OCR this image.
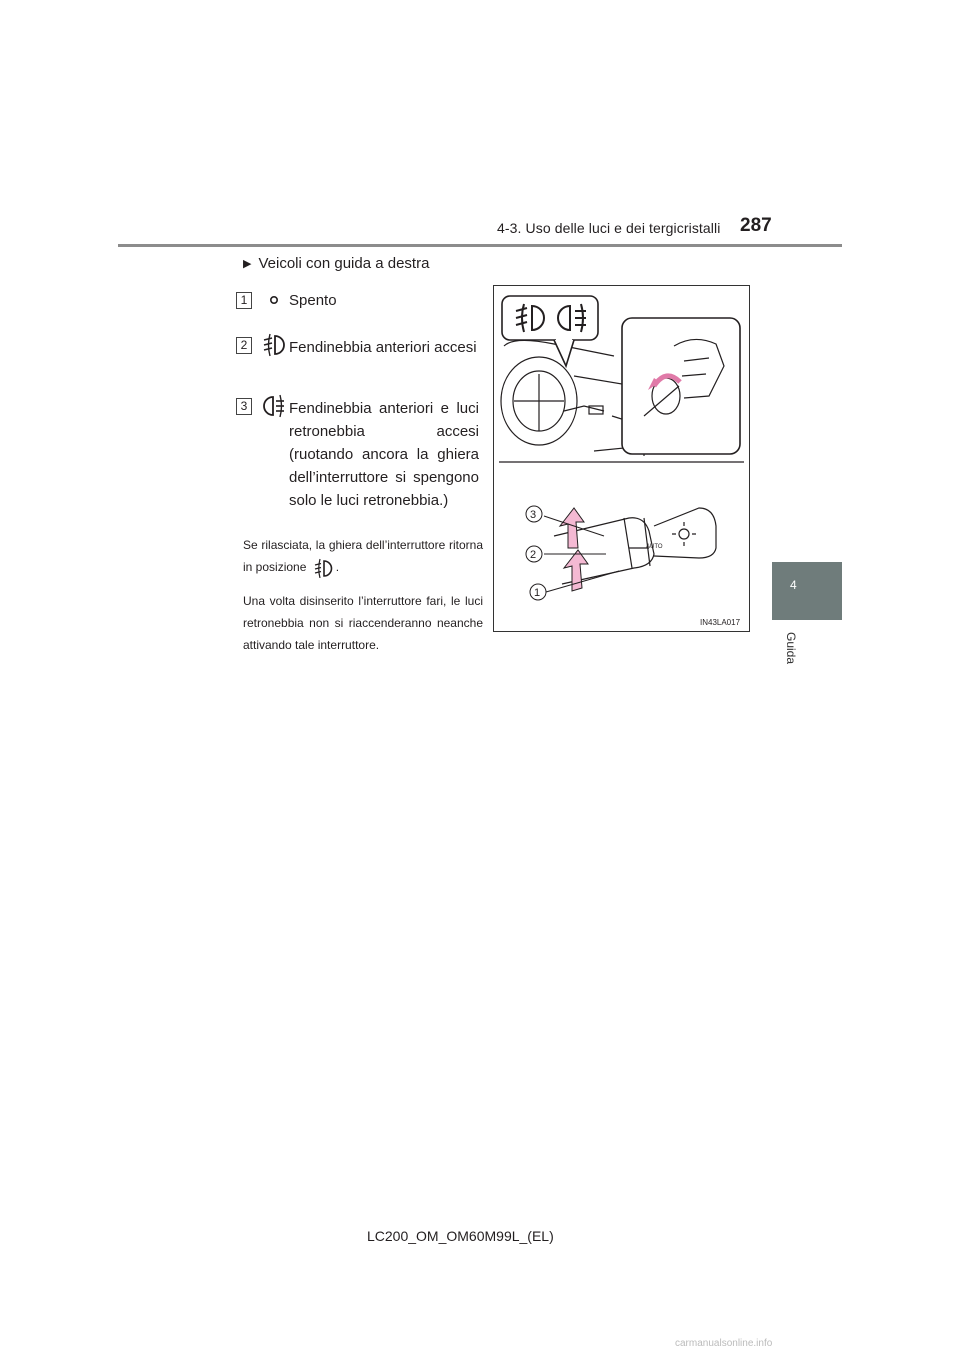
4-3. Uso delle luci e dei tergicristalli 287
4
Guida
▶ Veicoli con guida a destra
1	Spento
2	Fendinebbia anteriori accesi
3	Fendinebbia anteriori e luci retronebbia accesi (ruotando ancora la ghiera dell’interruttore si spengono solo le luci retronebbia.)
Se rilasciata, la ghiera dell’interruttore ritorna in posizione .
Una volta disinserito l’interruttore fari, le luci retronebbia non si riaccenderanno neanche attivando tale interruttore.
AUTO
3
2
1
IN43LA017
LC200_OM_OM60M99L_(EL)
carmanualsonline.info
